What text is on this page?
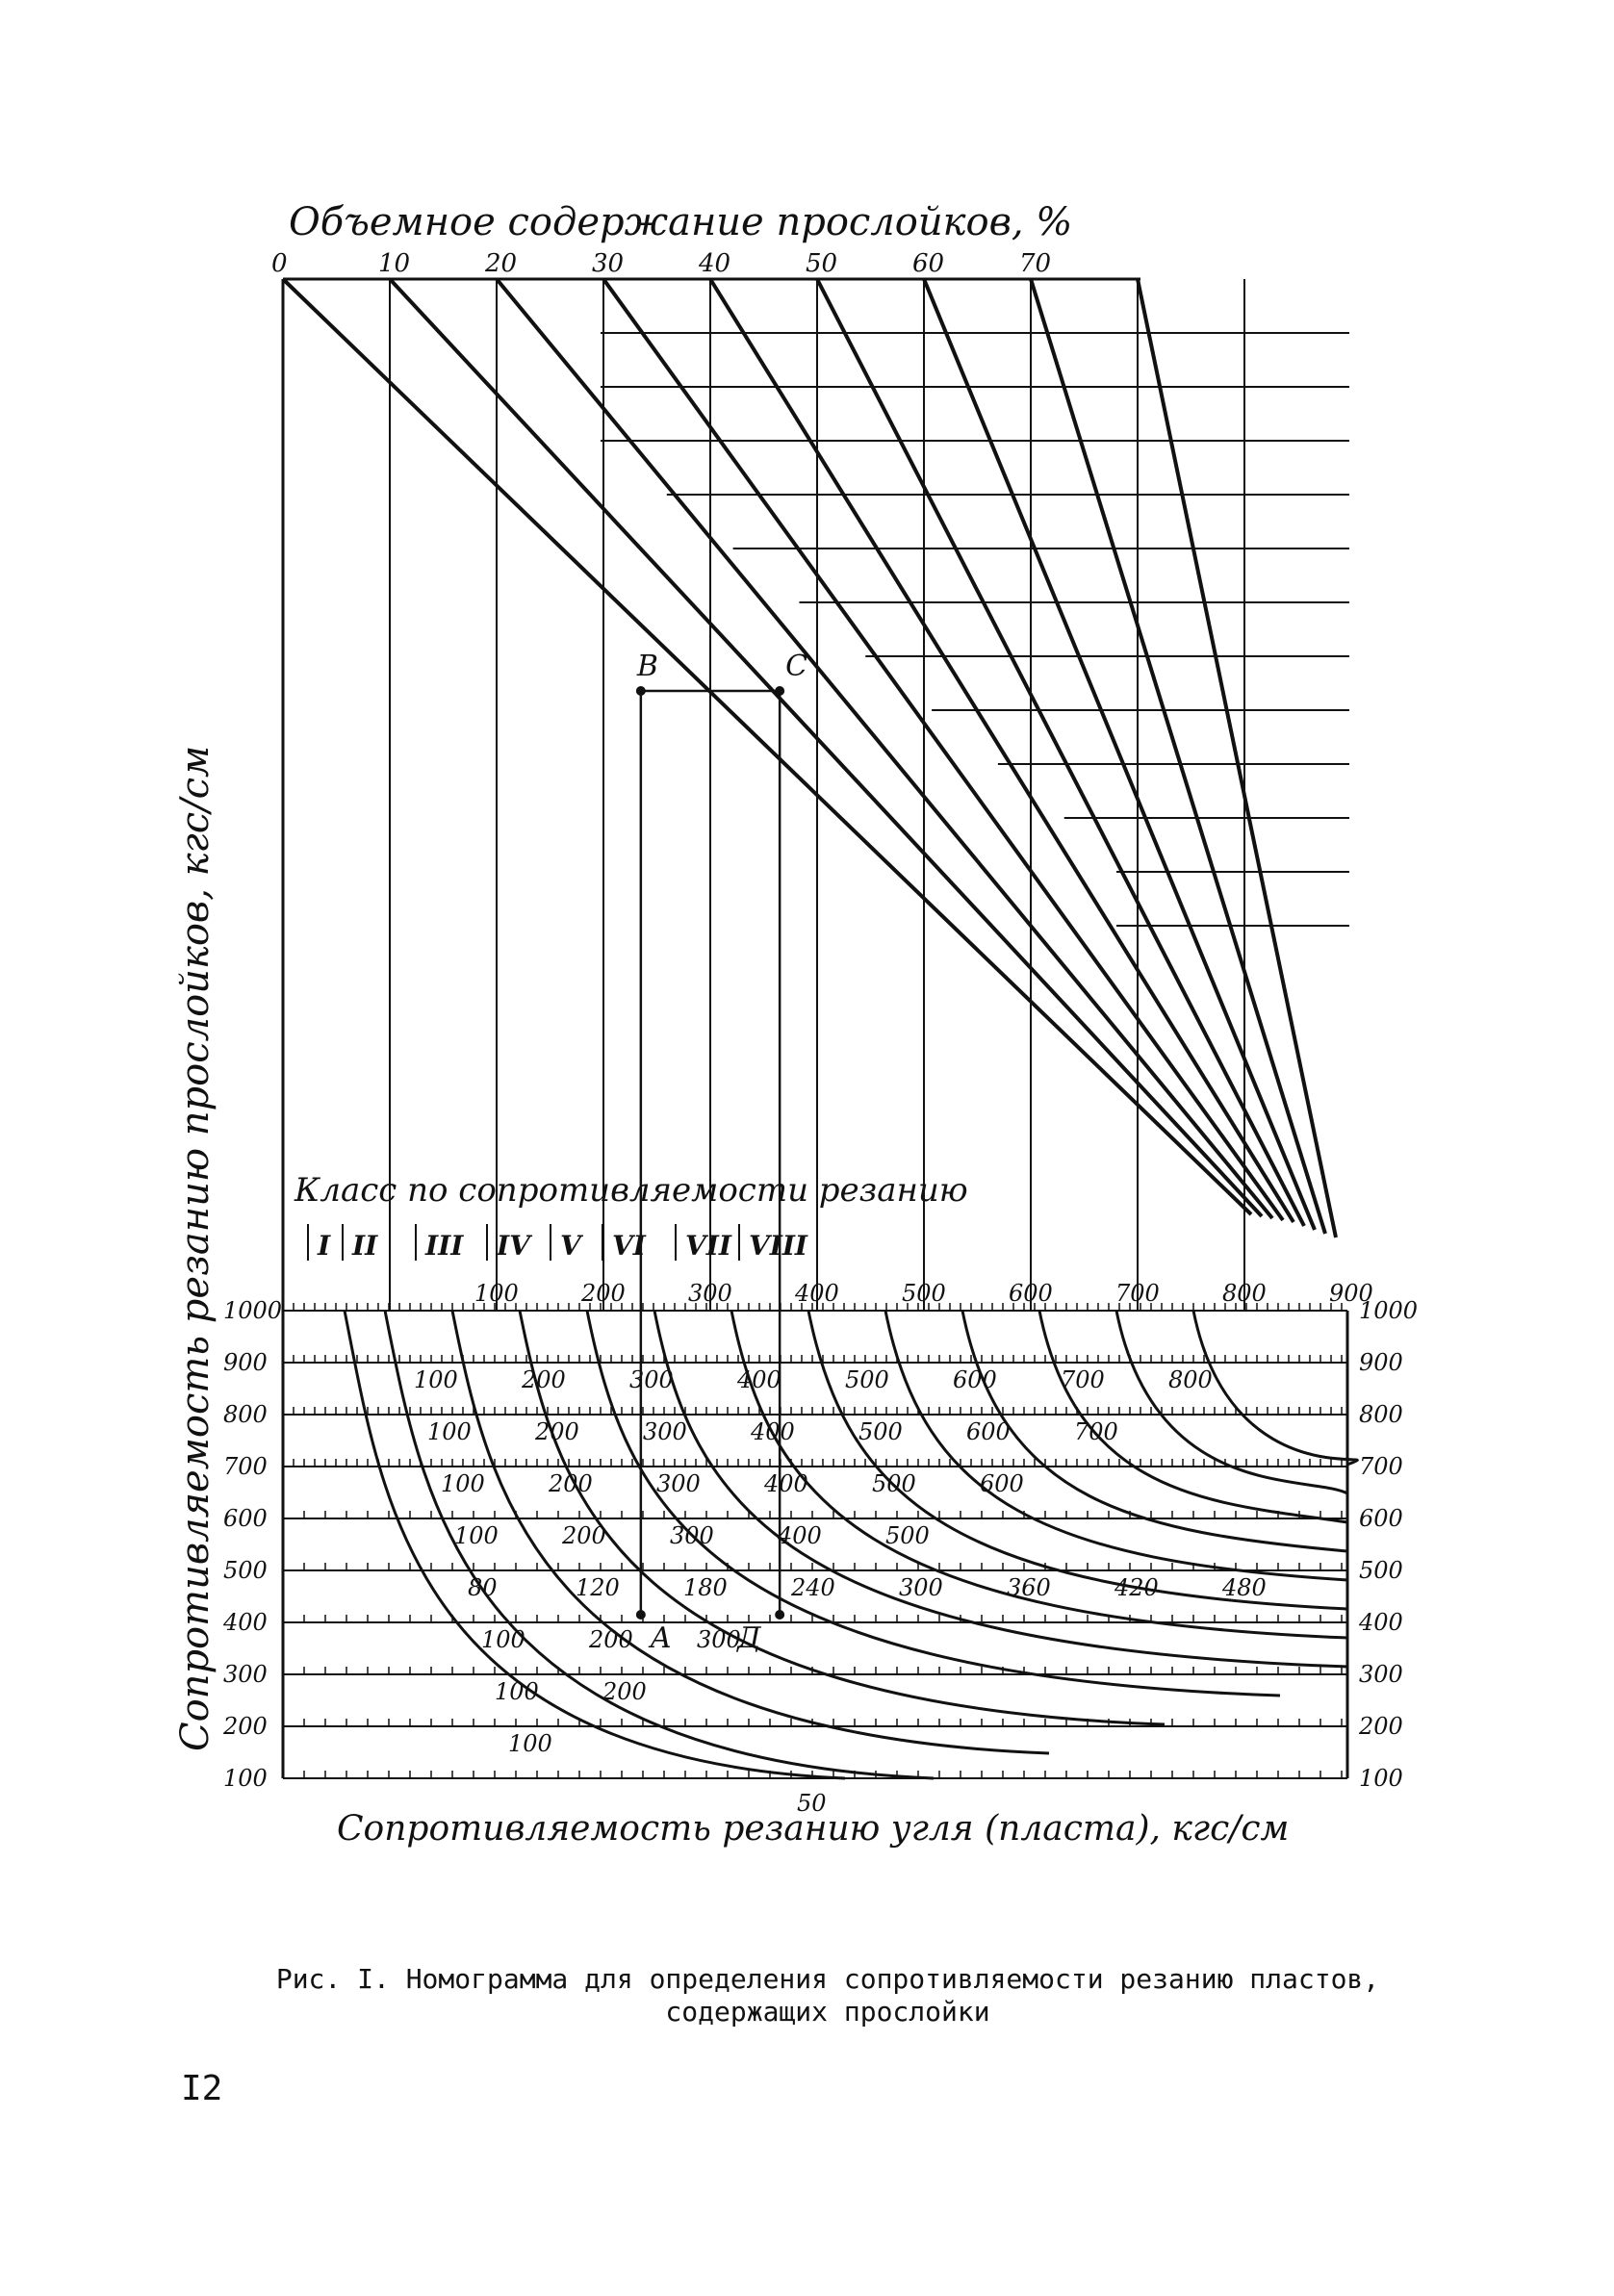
Объемное содержание прослойков, %
Сопротивляемость резанию прослойков, кгс/см
Сопротивляемость резанию угля (пласта), кгс/см
50
Класс по сопротивляемости резанию
I II III IV V VI VII VIII
B	C
A Д
0	10	20	30	40	50	60	70
1000
900
800
700
600
500
400
300
200
100
1000
900
800
700
600
500
400
300
200
100
100	200	300	400	500	600	700	800	900
100	200	300	400	500	600	700	800
100	200	300	400	500	600	700
100	200	300	400	500	600
100	200	300	400	500
80	120	180	240	300	360	420	480
100	200	300
100	200
100
Рис. I. Номограмма для определения сопротивляемости резанию пластов,
содержащих прослойки
I2
